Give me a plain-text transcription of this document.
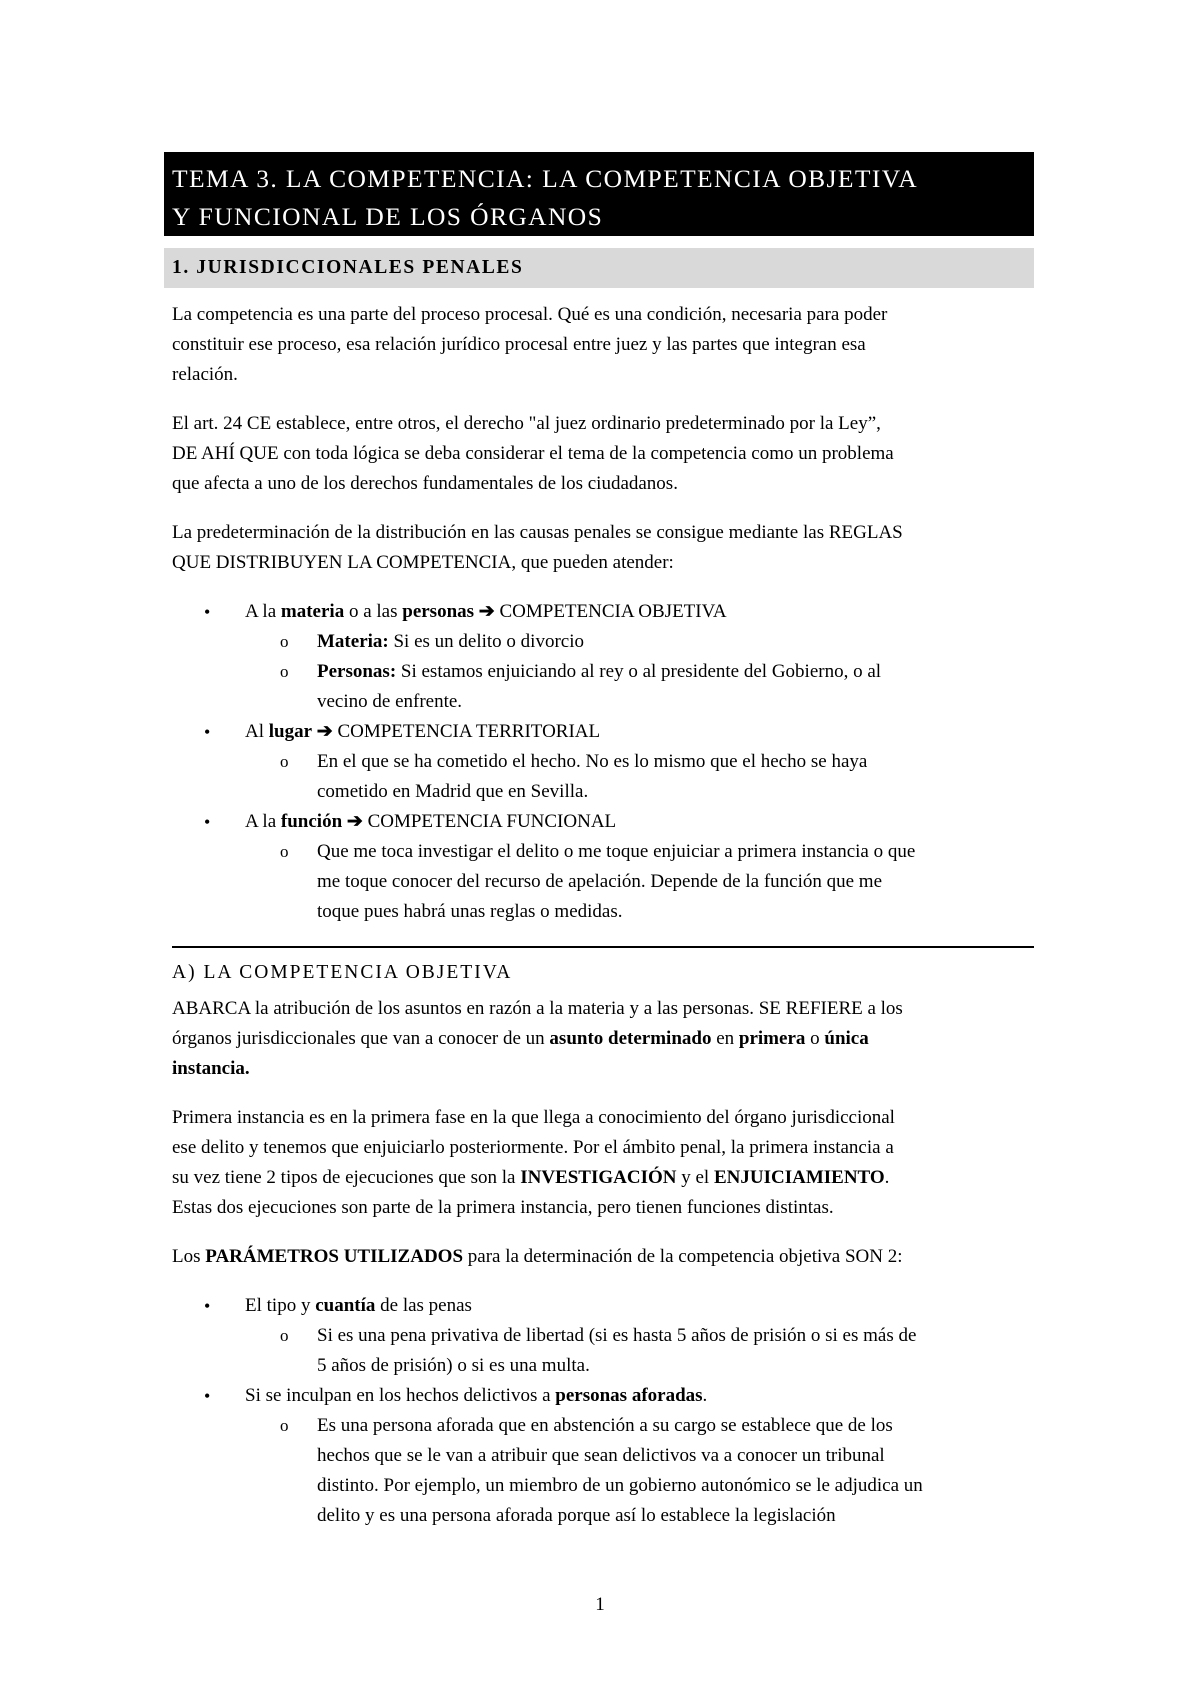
TEMA 3. LA COMPETENCIA: LA COMPETENCIA OBJETIVA
Y FUNCIONAL DE LOS ÓRGANOS
1. JURISDICCIONALES PENALES
La competencia es una parte del proceso procesal. Qué es una condición, necesaria para poder
constituir ese proceso, esa relación jurídico procesal entre juez y las partes que integran esa
relación.
El art. 24 CE establece, entre otros, el derecho "al juez ordinario predeterminado por la Ley”,
DE AHÍ QUE con toda lógica se deba considerar el tema de la competencia como un problema
que afecta a uno de los derechos fundamentales de los ciudadanos.
La predeterminación de la distribución en las causas penales se consigue mediante las REGLAS
QUE DISTRIBUYEN LA COMPETENCIA, que pueden atender:
• A la materia o a las personas ➔ COMPETENCIA OBJETIVA
o Materia: Si es un delito o divorcio
o Personas: Si estamos enjuiciando al rey o al presidente del Gobierno, o al
vecino de enfrente.
• Al lugar ➔ COMPETENCIA TERRITORIAL
o En el que se ha cometido el hecho. No es lo mismo que el hecho se haya
cometido en Madrid que en Sevilla.
• A la función ➔ COMPETENCIA FUNCIONAL
o Que me toca investigar el delito o me toque enjuiciar a primera instancia o que
me toque conocer del recurso de apelación. Depende de la función que me
toque pues habrá unas reglas o medidas.
A) LA COMPETENCIA OBJETIVA
ABARCA la atribución de los asuntos en razón a la materia y a las personas. SE REFIERE a los
órganos jurisdiccionales que van a conocer de un asunto determinado en primera o única
instancia.
Primera instancia es en la primera fase en la que llega a conocimiento del órgano jurisdiccional
ese delito y tenemos que enjuiciarlo posteriormente. Por el ámbito penal, la primera instancia a
su vez tiene 2 tipos de ejecuciones que son la INVESTIGACIÓN y el ENJUICIAMIENTO.
Estas dos ejecuciones son parte de la primera instancia, pero tienen funciones distintas.
Los PARÁMETROS UTILIZADOS para la determinación de la competencia objetiva SON 2:
• El tipo y cuantía de las penas
o Si es una pena privativa de libertad (si es hasta 5 años de prisión o si es más de
5 años de prisión) o si es una multa.
• Si se inculpan en los hechos delictivos a personas aforadas.
o Es una persona aforada que en abstención a su cargo se establece que de los
hechos que se le van a atribuir que sean delictivos va a conocer un tribunal
distinto. Por ejemplo, un miembro de un gobierno autonómico se le adjudica un
delito y es una persona aforada porque así lo establece la legislación
1
